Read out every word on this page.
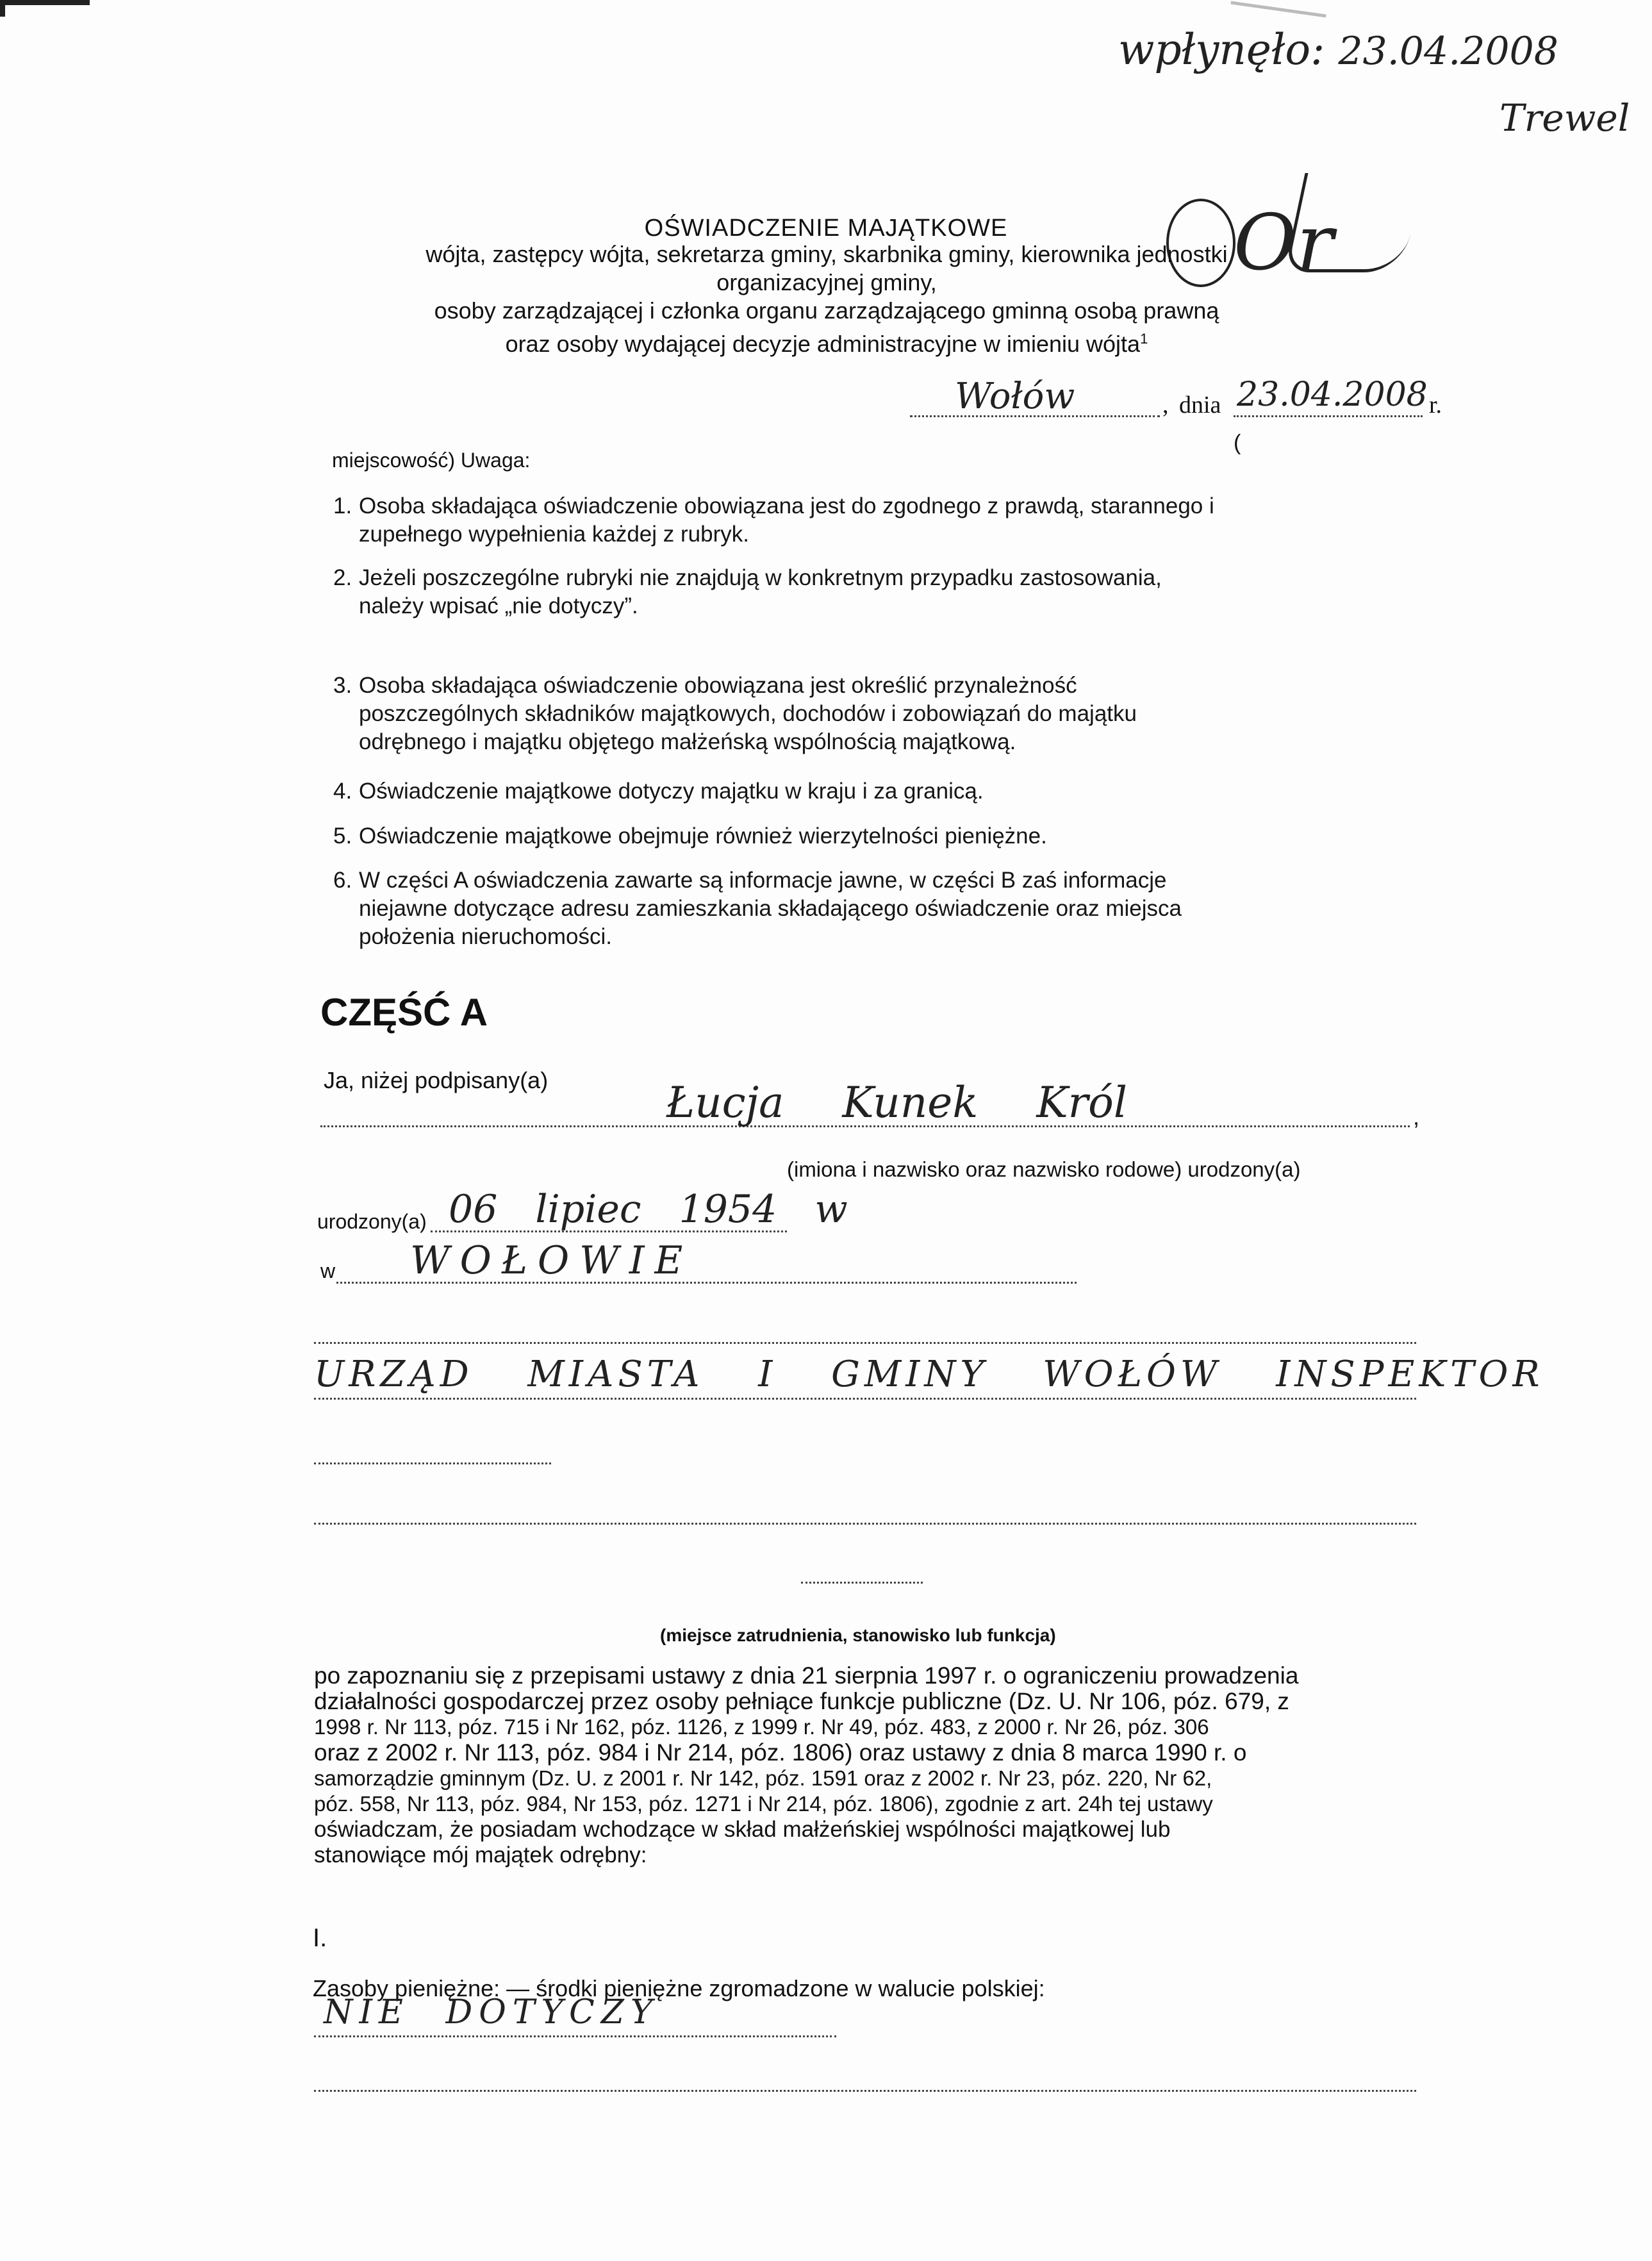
wpłynęło: 23.04.2008
Trewel
Or
OŚWIADCZENIE MAJĄTKOWE
wójta, zastępcy wójta, sekretarza gminy, skarbnika gminy, kierownika jednostki
organizacyjnej gminy,
osoby zarządzającej i członka organu zarządzającego gminną osobą prawną
oraz osoby wydającej decyzje administracyjne w imieniu wójta$^1$
Wołów	, dnia 23.04.2008 r.
(
miejscowość) Uwaga:
1. Osoba składająca oświadczenie obowiązana jest do zgodnego z prawdą, starannego i
zupełnego wypełnienia każdej z rubryk.
2. Jeżeli poszczególne rubryki nie znajdują w konkretnym przypadku zastosowania,
należy wpisać „nie dotyczy”.
3. Osoba składająca oświadczenie obowiązana jest określić przynależność
poszczególnych składników majątkowych, dochodów i zobowiązań do majątku
odrębnego i majątku objętego małżeńską wspólnością majątkową.
4. Oświadczenie majątkowe dotyczy majątku w kraju i za granicą.
5. Oświadczenie majątkowe obejmuje również wierzytelności pieniężne.
6. W części A oświadczenia zawarte są informacje jawne, w części B zaś informacje
niejawne dotyczące adresu zamieszkania składającego oświadczenie oraz miejsca
położenia nieruchomości.
CZĘŚĆ A
Ja, niżej podpisany(a)	Łucja Kunek Król	,
(imiona i nazwisko oraz nazwisko rodowe) urodzony(a)
urodzony(a) 06 lipiec 1954 w
w WOŁOWIE
URZĄD MIASTA I GMINY WOŁÓW INSPEKTOR
(miejsce zatrudnienia, stanowisko lub funkcja)
po zapoznaniu się z przepisami ustawy z dnia 21 sierpnia 1997 r. o ograniczeniu prowadzenia
działalności gospodarczej przez osoby pełniące funkcje publiczne (Dz. U. Nr 106, póz. 679, z
1998 r. Nr 113, póz. 715 i Nr 162, póz. 1126, z 1999 r. Nr 49, póz. 483, z 2000 r. Nr 26, póz. 306
oraz z 2002 r. Nr 113, póz. 984 i Nr 214, póz. 1806) oraz ustawy z dnia 8 marca 1990 r. o
samorządzie gminnym (Dz. U. z 2001 r. Nr 142, póz. 1591 oraz z 2002 r. Nr 23, póz. 220, Nr 62,
póz. 558, Nr 113, póz. 984, Nr 153, póz. 1271 i Nr 214, póz. 1806), zgodnie z art. 24h tej ustawy
oświadczam, że posiadam wchodzące w skład małżeńskiej wspólności majątkowej lub
stanowiące mój majątek odrębny:
I.
Zasoby pieniężne: — środki pieniężne zgromadzone w walucie polskiej:
NIE DOTYCZY
